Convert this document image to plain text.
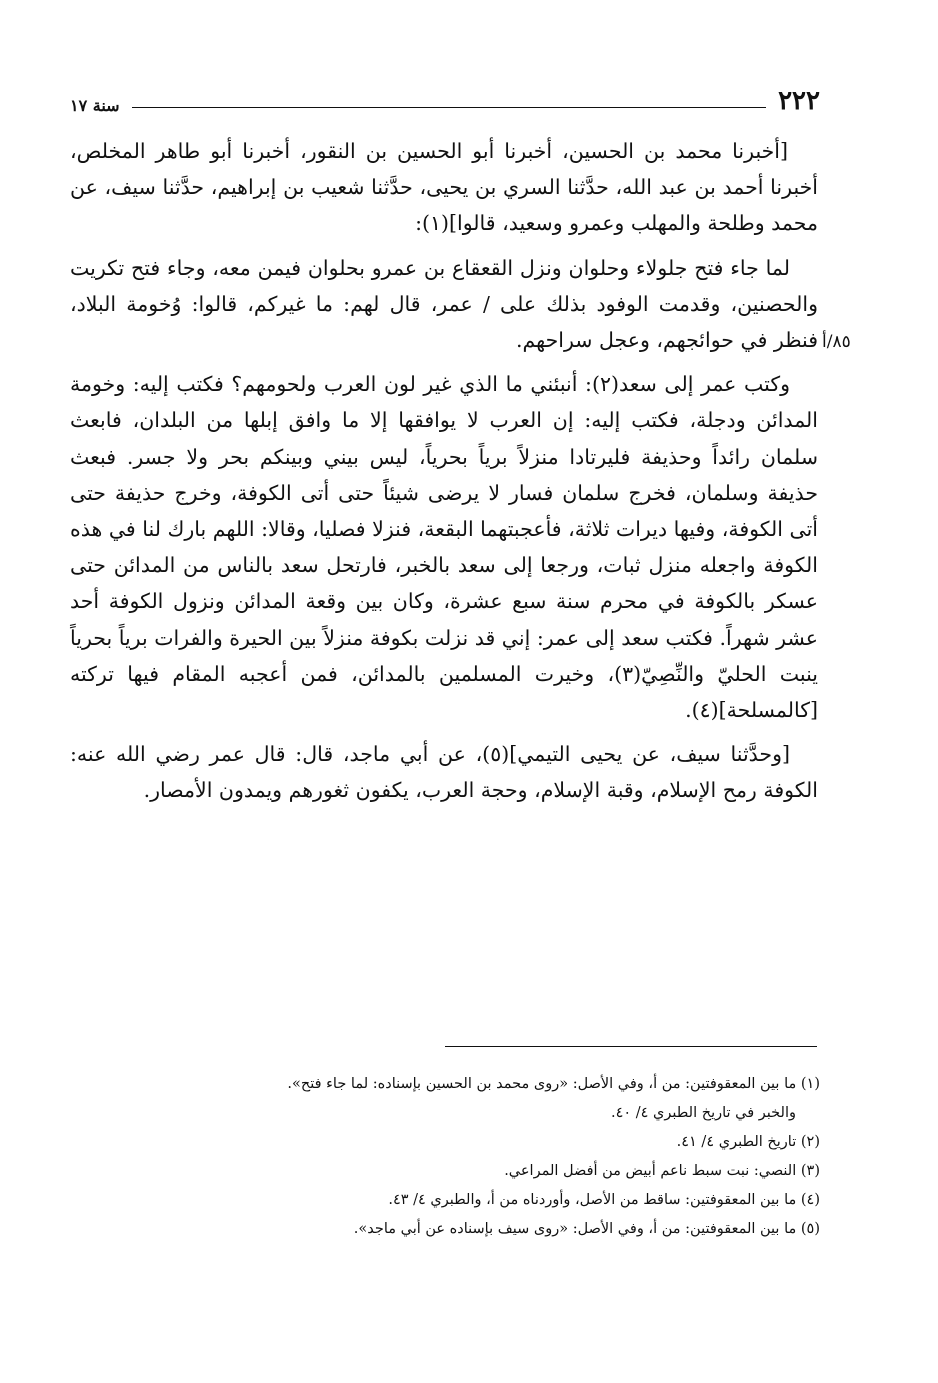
٢٢٢
سنة ١٧
٨٥/أ

[أخبرنا محمد بن الحسين، أخبرنا أبو الحسين بن النقور، أخبرنا أبو طاهر المخلص، أخبرنا أحمد بن عبد الله، حدَّثنا السري بن يحيى، حدَّثنا شعيب بن إبراهيم، حدَّثنا سيف، عن محمد وطلحة والمهلب وعمرو وسعيد، قالوا](١):

لما جاء فتح جلولاء وحلوان ونزل القعقاع بن عمرو بحلوان فيمن معه، وجاء فتح تكريت والحصنين، وقدمت الوفود بذلك على / عمر، قال لهم: ما غيركم، قالوا: وُخومة البلاد، فنظر في حوائجهم، وعجل سراحهم.

وكتب عمر إلى سعد(٢): أنبئني ما الذي غير لون العرب ولحومهم؟ فكتب إليه: وخومة المدائن ودجلة، فكتب إليه: إن العرب لا يوافقها إلا ما وافق إبلها من البلدان، فابعث سلمان رائداً وحذيفة فليرتادا منزلاً برياً بحرياً، ليس بيني وبينكم بحر ولا جسر. فبعث حذيفة وسلمان، فخرج سلمان فسار لا يرضى شيئاً حتى أتى الكوفة، وخرج حذيفة حتى أتى الكوفة، وفيها ديرات ثلاثة، فأعجبتهما البقعة، فنزلا فصليا، وقالا: اللهم بارك لنا في هذه الكوفة واجعله منزل ثبات، ورجعا إلى سعد بالخبر، فارتحل سعد بالناس من المدائن حتى عسكر بالكوفة في محرم سنة سبع عشرة، وكان بين وقعة المدائن ونزول الكوفة أحد عشر شهراً. فكتب سعد إلى عمر: إني قد نزلت بكوفة منزلاً بين الحيرة والفرات برياً بحرياً ينبت الحليّ والنِّصِيّ(٣)، وخيرت المسلمين بالمدائن، فمن أعجبه المقام فيها تركته [كالمسلحة](٤).

[وحدَّثنا سيف، عن يحيى التيمي](٥)، عن أبي ماجد، قال: قال عمر رضي الله عنه: الكوفة رمح الإسلام، وقبة الإسلام، وحجة العرب، يكفون ثغورهم ويمدون الأمصار.

(١) ما بين المعقوفتين: من أ، وفي الأصل: «روى محمد بن الحسين بإسناده: لما جاء فتح».

والخبر في تاريخ الطبري ٤/ ٤٠.

(٢) تاريخ الطبري ٤/ ٤١.

(٣) النصي: نبت سبط ناعم أبيض من أفضل المراعي.

(٤) ما بين المعقوفتين: ساقط من الأصل، وأوردناه من أ، والطبري ٤/ ٤٣.

(٥) ما بين المعقوفتين: من أ، وفي الأصل: «روى سيف بإسناده عن أبي ماجد».
